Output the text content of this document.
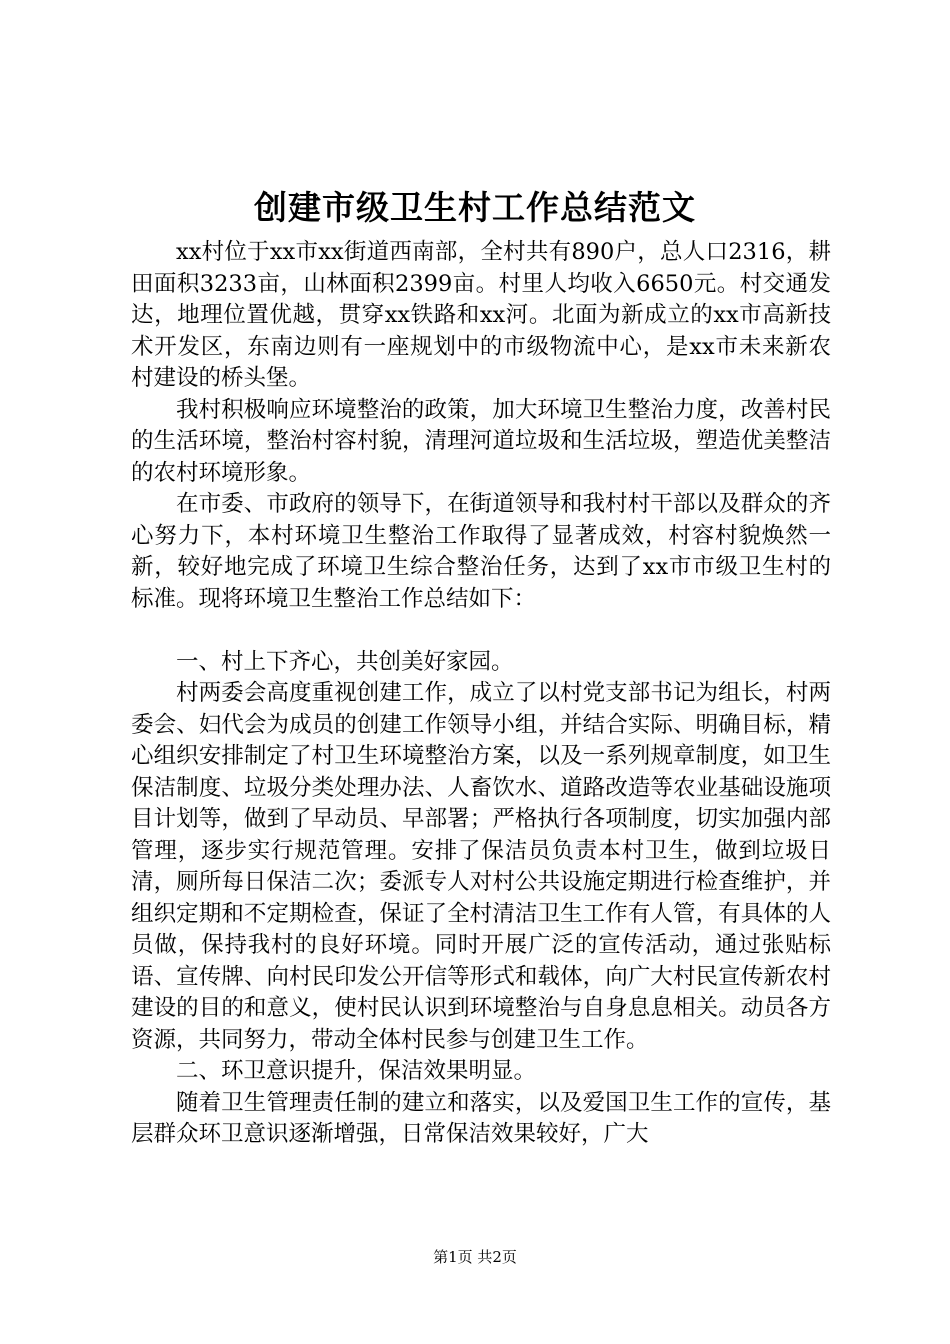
创建市级卫生村工作总结范文

xx村位于xx市xx街道西南部，全村共有890户，总人口2316，耕田面积3233亩，山林面积2399亩。村里人均收入6650元。村交通发达，地理位置优越，贯穿xx铁路和xx河。北面为新成立的xx市高新技术开发区，东南边则有一座规划中的市级物流中心，是xx市未来新农村建设的桥头堡。

我村积极响应环境整治的政策，加大环境卫生整治力度，改善村民的生活环境，整治村容村貌，清理河道垃圾和生活垃圾，塑造优美整洁的农村环境形象。

在市委、市政府的领导下，在街道领导和我村村干部以及群众的齐心努力下，本村环境卫生整治工作取得了显著成效，村容村貌焕然一新，较好地完成了环境卫生综合整治任务，达到了xx市市级卫生村的标准。现将环境卫生整治工作总结如下：

一、村上下齐心，共创美好家园。

村两委会高度重视创建工作，成立了以村党支部书记为组长，村两委会、妇代会为成员的创建工作领导小组，并结合实际、明确目标，精心组织安排制定了村卫生环境整治方案，以及一系列规章制度，如卫生保洁制度、垃圾分类处理办法、人畜饮水、道路改造等农业基础设施项目计划等，做到了早动员、早部署；严格执行各项制度，切实加强内部管理，逐步实行规范管理。安排了保洁员负责本村卫生，做到垃圾日清，厕所每日保洁二次；委派专人对村公共设施定期进行检查维护，并组织定期和不定期检查，保证了全村清洁卫生工作有人管，有具体的人员做，保持我村的良好环境。同时开展广泛的宣传活动，通过张贴标语、宣传牌、向村民印发公开信等形式和载体，向广大村民宣传新农村建设的目的和意义，使村民认识到环境整治与自身息息相关。动员各方资源，共同努力，带动全体村民参与创建卫生工作。

二、环卫意识提升，保洁效果明显。

随着卫生管理责任制的建立和落实，以及爱国卫生工作的宣传，基层群众环卫意识逐渐增强，日常保洁效果较好，广大

第1页 共2页
